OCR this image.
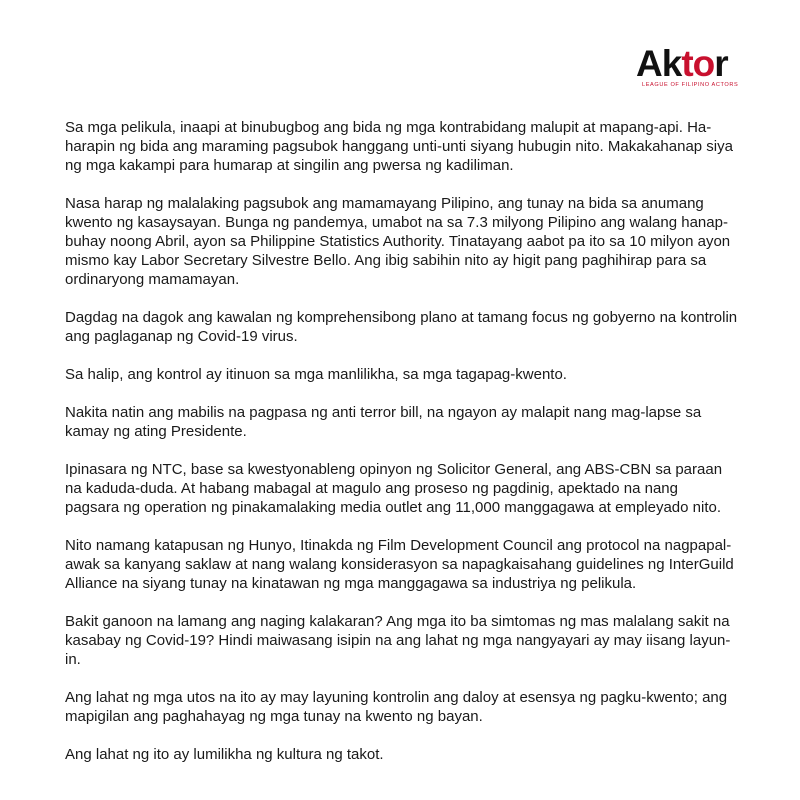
Aktor
LEAGUE OF FILIPINO ACTORS

Sa mga pelikula, inaapi at binubugbog ang bida ng mga kontrabidang malupit at mapang-api. Ha-
harapin ng bida ang maraming pagsubok hanggang unti-unti siyang hubugin nito. Makakahanap siya
ng mga kakampi para humarap at singilin ang pwersa ng kadiliman.

Nasa harap ng malalaking pagsubok ang mamamayang Pilipino, ang tunay na bida sa anumang
kwento ng kasaysayan. Bunga ng pandemya, umabot na sa 7.3 milyong Pilipino ang walang hanap-
buhay noong Abril, ayon sa Philippine Statistics Authority. Tinatayang aabot pa ito sa 10 milyon ayon
mismo kay Labor Secretary Silvestre Bello. Ang ibig sabihin nito ay higit pang paghihirap para sa
ordinaryong mamamayan.

Dagdag na dagok ang kawalan ng komprehensibong plano at tamang focus ng gobyerno na kontrolin
ang paglaganap ng Covid-19 virus.

Sa halip, ang kontrol ay itinuon sa mga manlilikha, sa mga tagapag-kwento.

Nakita natin ang mabilis na pagpasa ng anti terror bill, na ngayon ay malapit nang mag-lapse sa
kamay ng ating Presidente.

Ipinasara ng NTC, base sa kwestyonableng opinyon ng Solicitor General, ang ABS-CBN sa paraan
na kaduda-duda. At habang mabagal at magulo ang proseso ng pagdinig, apektado na nang
pagsara ng operation ng pinakamalaking media outlet ang 11,000 manggagawa at empleyado nito.

Nito namang katapusan ng Hunyo, Itinakda ng Film Development Council ang protocol na nagpapal-
awak sa kanyang saklaw at nang walang konsiderasyon sa napagkaisahang guidelines ng InterGuild
Alliance na siyang tunay na kinatawan ng mga manggagawa sa industriya ng pelikula.

Bakit ganoon na lamang ang naging kalakaran? Ang mga ito ba simtomas ng mas malalang sakit na
kasabay ng Covid-19? Hindi maiwasang isipin na ang lahat ng mga nangyayari ay may iisang layun-
in.

Ang lahat ng mga utos na ito ay may layuning kontrolin ang daloy at esensya ng pagku-kwento; ang
mapigilan ang paghahayag ng mga tunay na kwento ng bayan.

Ang lahat ng ito ay lumilikha ng kultura ng takot.
